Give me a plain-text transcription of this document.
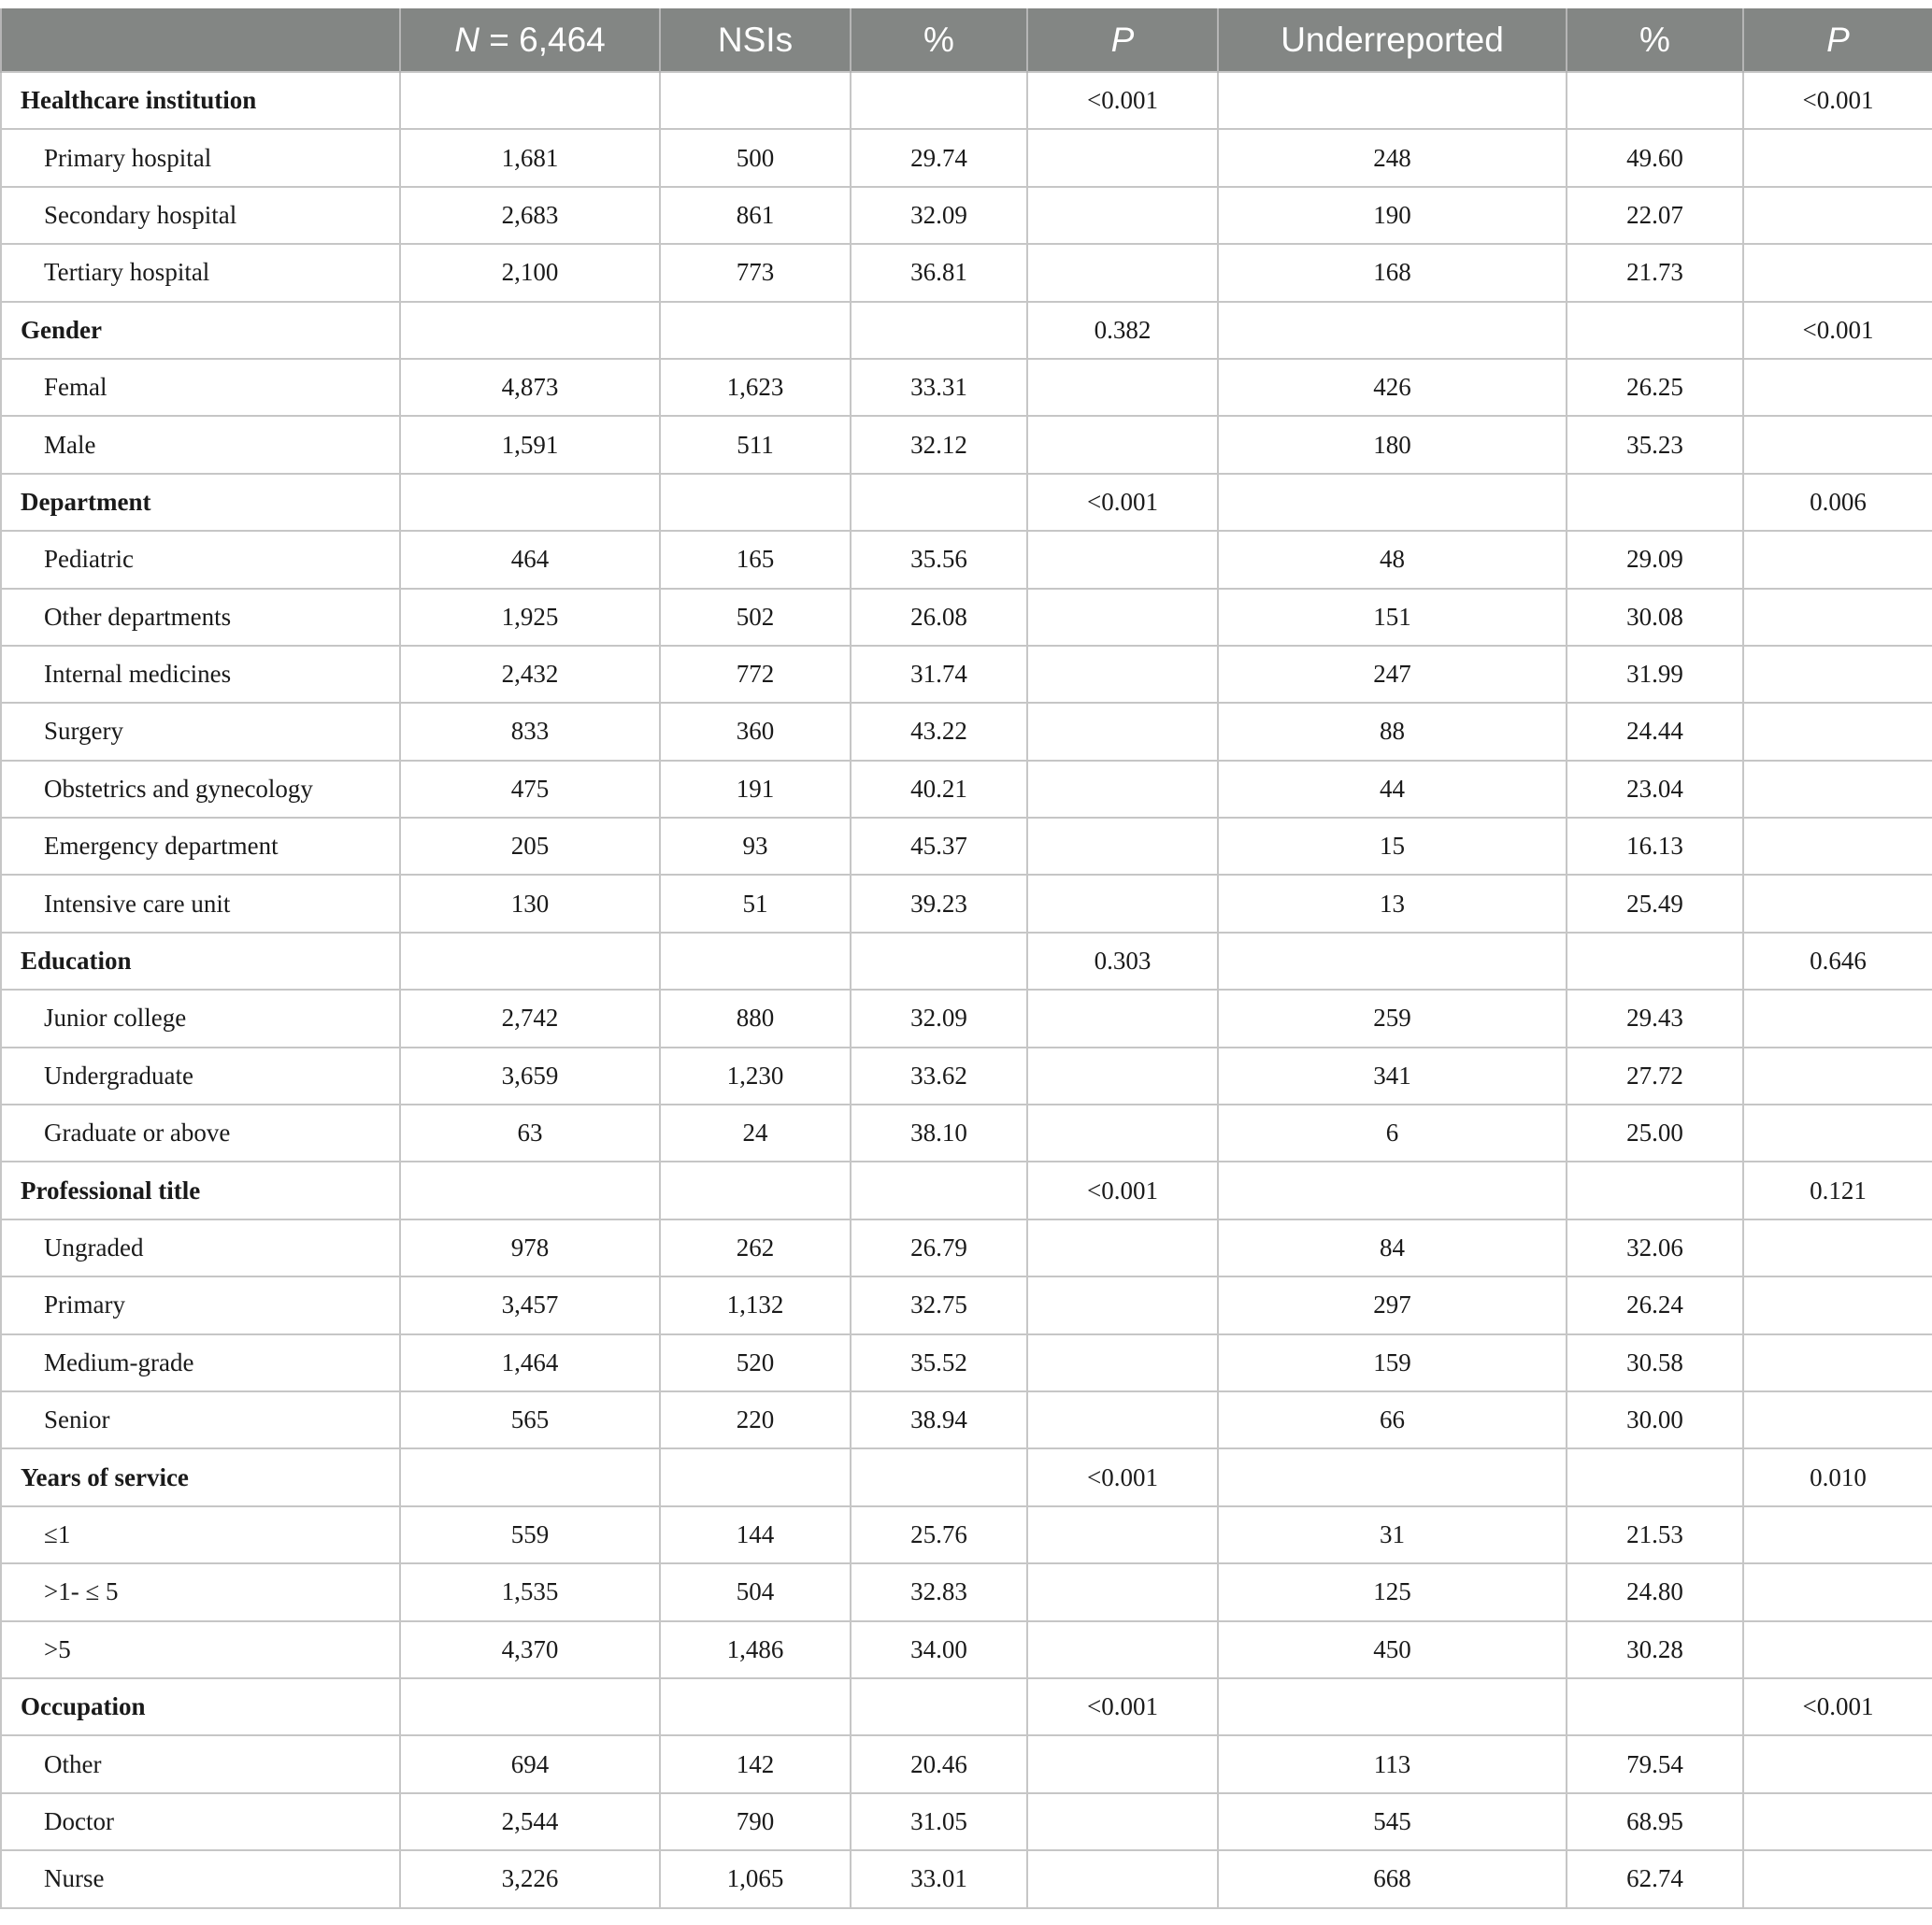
	N = 6,464	NSIs	%	P	Underreported	%	P
Healthcare institution				<0.001			<0.001
Primary hospital	1,681	500	29.74		248	49.60	
Secondary hospital	2,683	861	32.09		190	22.07	
Tertiary hospital	2,100	773	36.81		168	21.73	
Gender				0.382			<0.001
Femal	4,873	1,623	33.31		426	26.25	
Male	1,591	511	32.12		180	35.23	
Department				<0.001			0.006
Pediatric	464	165	35.56		48	29.09	
Other departments	1,925	502	26.08		151	30.08	
Internal medicines	2,432	772	31.74		247	31.99	
Surgery	833	360	43.22		88	24.44	
Obstetrics and gynecology	475	191	40.21		44	23.04	
Emergency department	205	93	45.37		15	16.13	
Intensive care unit	130	51	39.23		13	25.49	
Education				0.303			0.646
Junior college	2,742	880	32.09		259	29.43	
Undergraduate	3,659	1,230	33.62		341	27.72	
Graduate or above	63	24	38.10		6	25.00	
Professional title				<0.001			0.121
Ungraded	978	262	26.79		84	32.06	
Primary	3,457	1,132	32.75		297	26.24	
Medium-grade	1,464	520	35.52		159	30.58	
Senior	565	220	38.94		66	30.00	
Years of service				<0.001			0.010
≤1	559	144	25.76		31	21.53	
>1- ≤ 5	1,535	504	32.83		125	24.80	
>5	4,370	1,486	34.00		450	30.28	
Occupation				<0.001			<0.001
Other	694	142	20.46		113	79.54	
Doctor	2,544	790	31.05		545	68.95	
Nurse	3,226	1,065	33.01		668	62.74	
